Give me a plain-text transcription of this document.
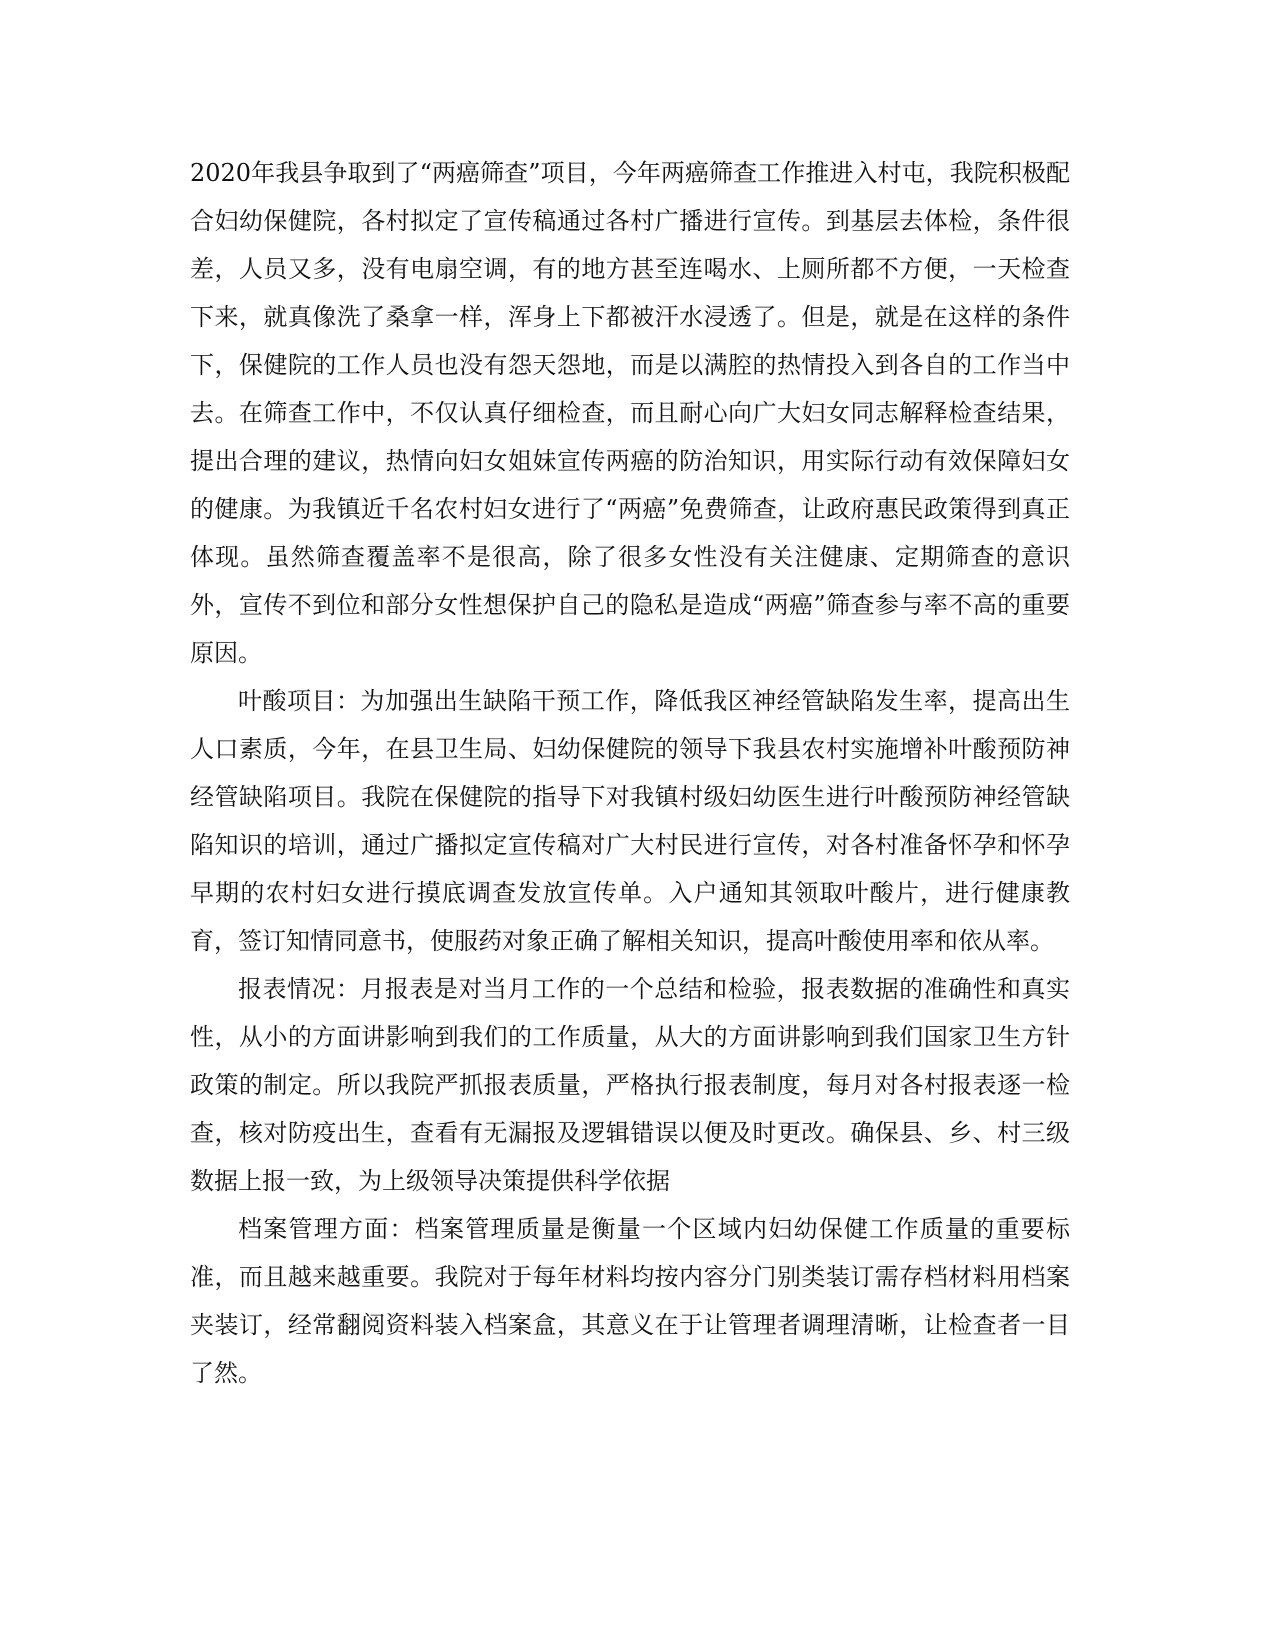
2020年我县争取到了“两癌筛查”项目，今年两癌筛查工作推进入村屯，我院积极配合妇幼保健院，各村拟定了宣传稿通过各村广播进行宣传。到基层去体检，条件很差，人员又多，没有电扇空调，有的地方甚至连喝水、上厕所都不方便，一天检查下来，就真像洗了桑拿一样，浑身上下都被汗水浸透了。但是，就是在这样的条件下，保健院的工作人员也没有怨天怨地，而是以满腔的热情投入到各自的工作当中去。在筛查工作中，不仅认真仔细检查，而且耐心向广大妇女同志解释检查结果，提出合理的建议，热情向妇女姐妹宣传两癌的防治知识，用实际行动有效保障妇女的健康。为我镇近千名农村妇女进行了“两癌”免费筛查，让政府惠民政策得到真正体现。虽然筛查覆盖率不是很高，除了很多女性没有关注健康、定期筛查的意识外，宣传不到位和部分女性想保护自己的隐私是造成“两癌”筛查参与率不高的重要原因。

叶酸项目：为加强出生缺陷干预工作，降低我区神经管缺陷发生率，提高出生人口素质，今年，在县卫生局、妇幼保健院的领导下我县农村实施增补叶酸预防神经管缺陷项目。我院在保健院的指导下对我镇村级妇幼医生进行叶酸预防神经管缺陷知识的培训，通过广播拟定宣传稿对广大村民进行宣传，对各村准备怀孕和怀孕早期的农村妇女进行摸底调查发放宣传单。入户通知其领取叶酸片，进行健康教育，签订知情同意书，使服药对象正确了解相关知识，提高叶酸使用率和依从率。

报表情况：月报表是对当月工作的一个总结和检验，报表数据的准确性和真实性，从小的方面讲影响到我们的工作质量，从大的方面讲影响到我们国家卫生方针政策的制定。所以我院严抓报表质量，严格执行报表制度，每月对各村报表逐一检查，核对防疫出生，查看有无漏报及逻辑错误以便及时更改。确保县、乡、村三级数据上报一致，为上级领导决策提供科学依据

档案管理方面：档案管理质量是衡量一个区域内妇幼保健工作质量的重要标准，而且越来越重要。我院对于每年材料均按内容分门别类装订需存档材料用档案夹装订，经常翻阅资料装入档案盒，其意义在于让管理者调理清晰，让检查者一目了然。
